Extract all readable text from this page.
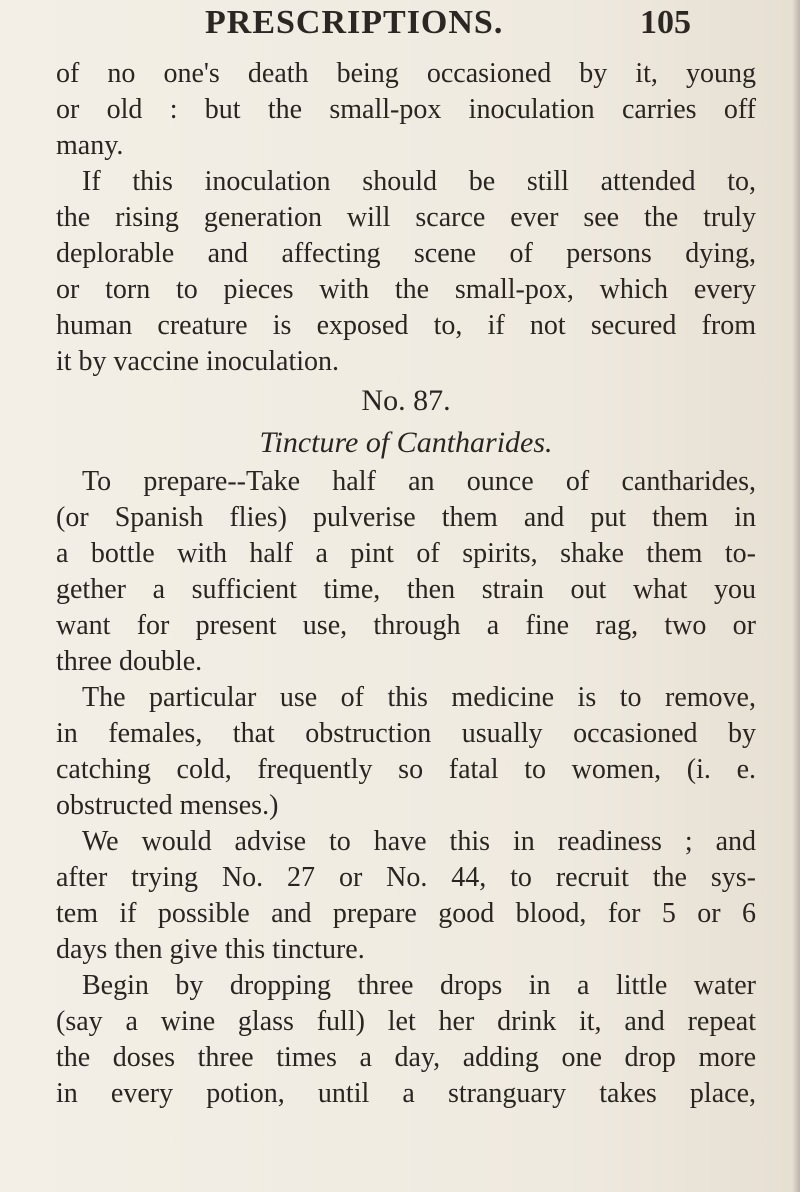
PRESCRIPTIONS.	105
of no one's death being occasioned by it, young
or old : but the small-pox inoculation carries off
many.
If this inoculation should be still attended to,
the rising generation will scarce ever see the truly
deplorable and affecting scene of persons dying,
or torn to pieces with the small-pox, which every
human creature is exposed to, if not secured from
it by vaccine inoculation.
No. 87.
Tincture of Cantharides.
To prepare--Take half an ounce of cantharides,
(or Spanish flies) pulverise them and put them in
a bottle with half a pint of spirits, shake them to-
gether a sufficient time, then strain out what you
want for present use, through a fine rag, two or
three double.
The particular use of this medicine is to remove,
in females, that obstruction usually occasioned by
catching cold, frequently so fatal to women, (i. e.
obstructed menses.)
We would advise to have this in readiness ; and
after trying No. 27 or No. 44, to recruit the sys-
tem if possible and prepare good blood, for 5 or 6
days then give this tincture.
Begin by dropping three drops in a little water
(say a wine glass full) let her drink it, and repeat
the doses three times a day, adding one drop more
in every potion, until a stranguary takes place,
